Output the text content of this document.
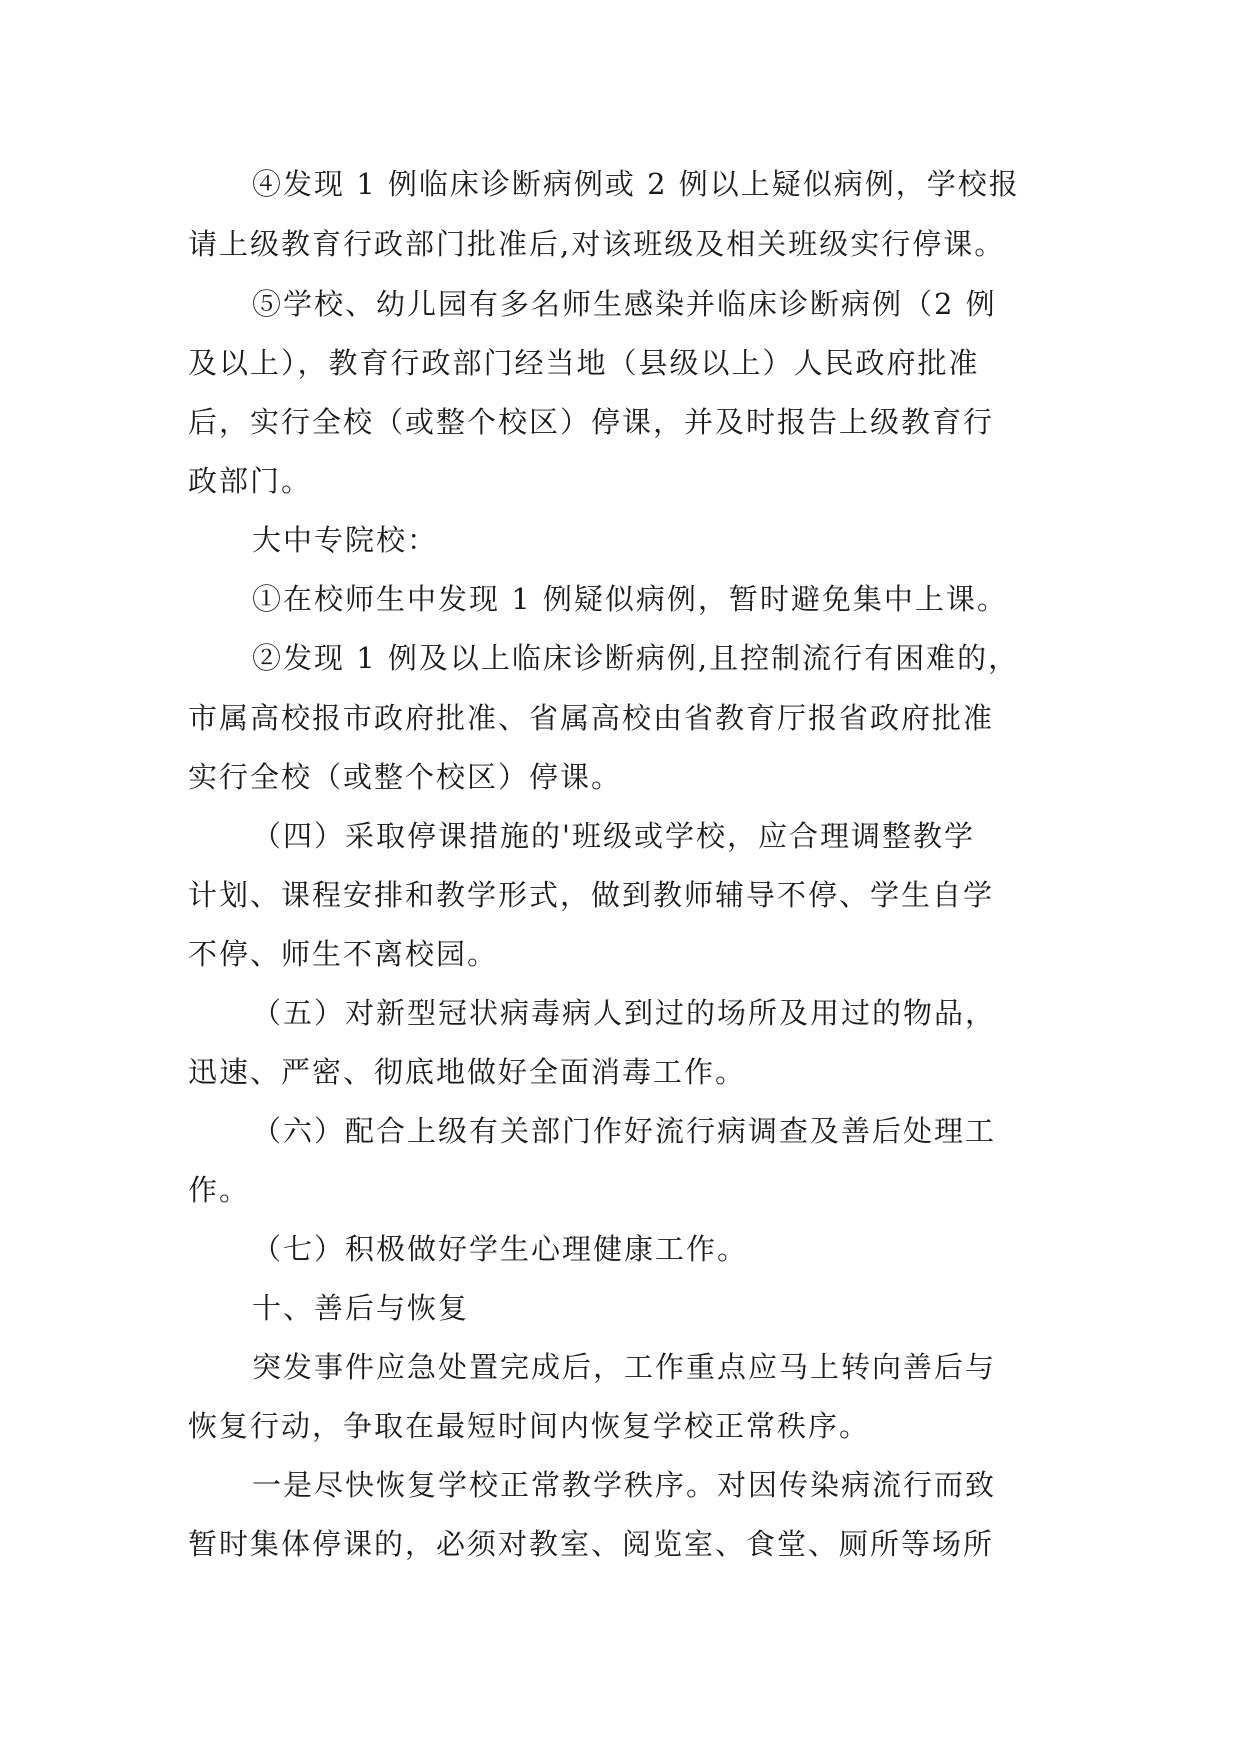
④发现 1 例临床诊断病例或 2 例以上疑似病例，学校报
请上级教育行政部门批准后,对该班级及相关班级实行停课。
⑤学校、幼儿园有多名师生感染并临床诊断病例（2 例
及以上），教育行政部门经当地（县级以上）人民政府批准
后，实行全校（或整个校区）停课，并及时报告上级教育行
政部门。
大中专院校：
①在校师生中发现 1 例疑似病例，暂时避免集中上课。
②发现 1 例及以上临床诊断病例,且控制流行有困难的，
市属高校报市政府批准、省属高校由省教育厅报省政府批准
实行全校（或整个校区）停课。
（四）采取停课措施的'班级或学校，应合理调整教学
计划、课程安排和教学形式，做到教师辅导不停、学生自学
不停、师生不离校园。
（五）对新型冠状病毒病人到过的场所及用过的物品，
迅速、严密、彻底地做好全面消毒工作。
（六）配合上级有关部门作好流行病调查及善后处理工
作。
（七）积极做好学生心理健康工作。
十、善后与恢复
突发事件应急处置完成后，工作重点应马上转向善后与
恢复行动，争取在最短时间内恢复学校正常秩序。
一是尽快恢复学校正常教学秩序。对因传染病流行而致
暂时集体停课的，必须对教室、阅览室、食堂、厕所等场所
